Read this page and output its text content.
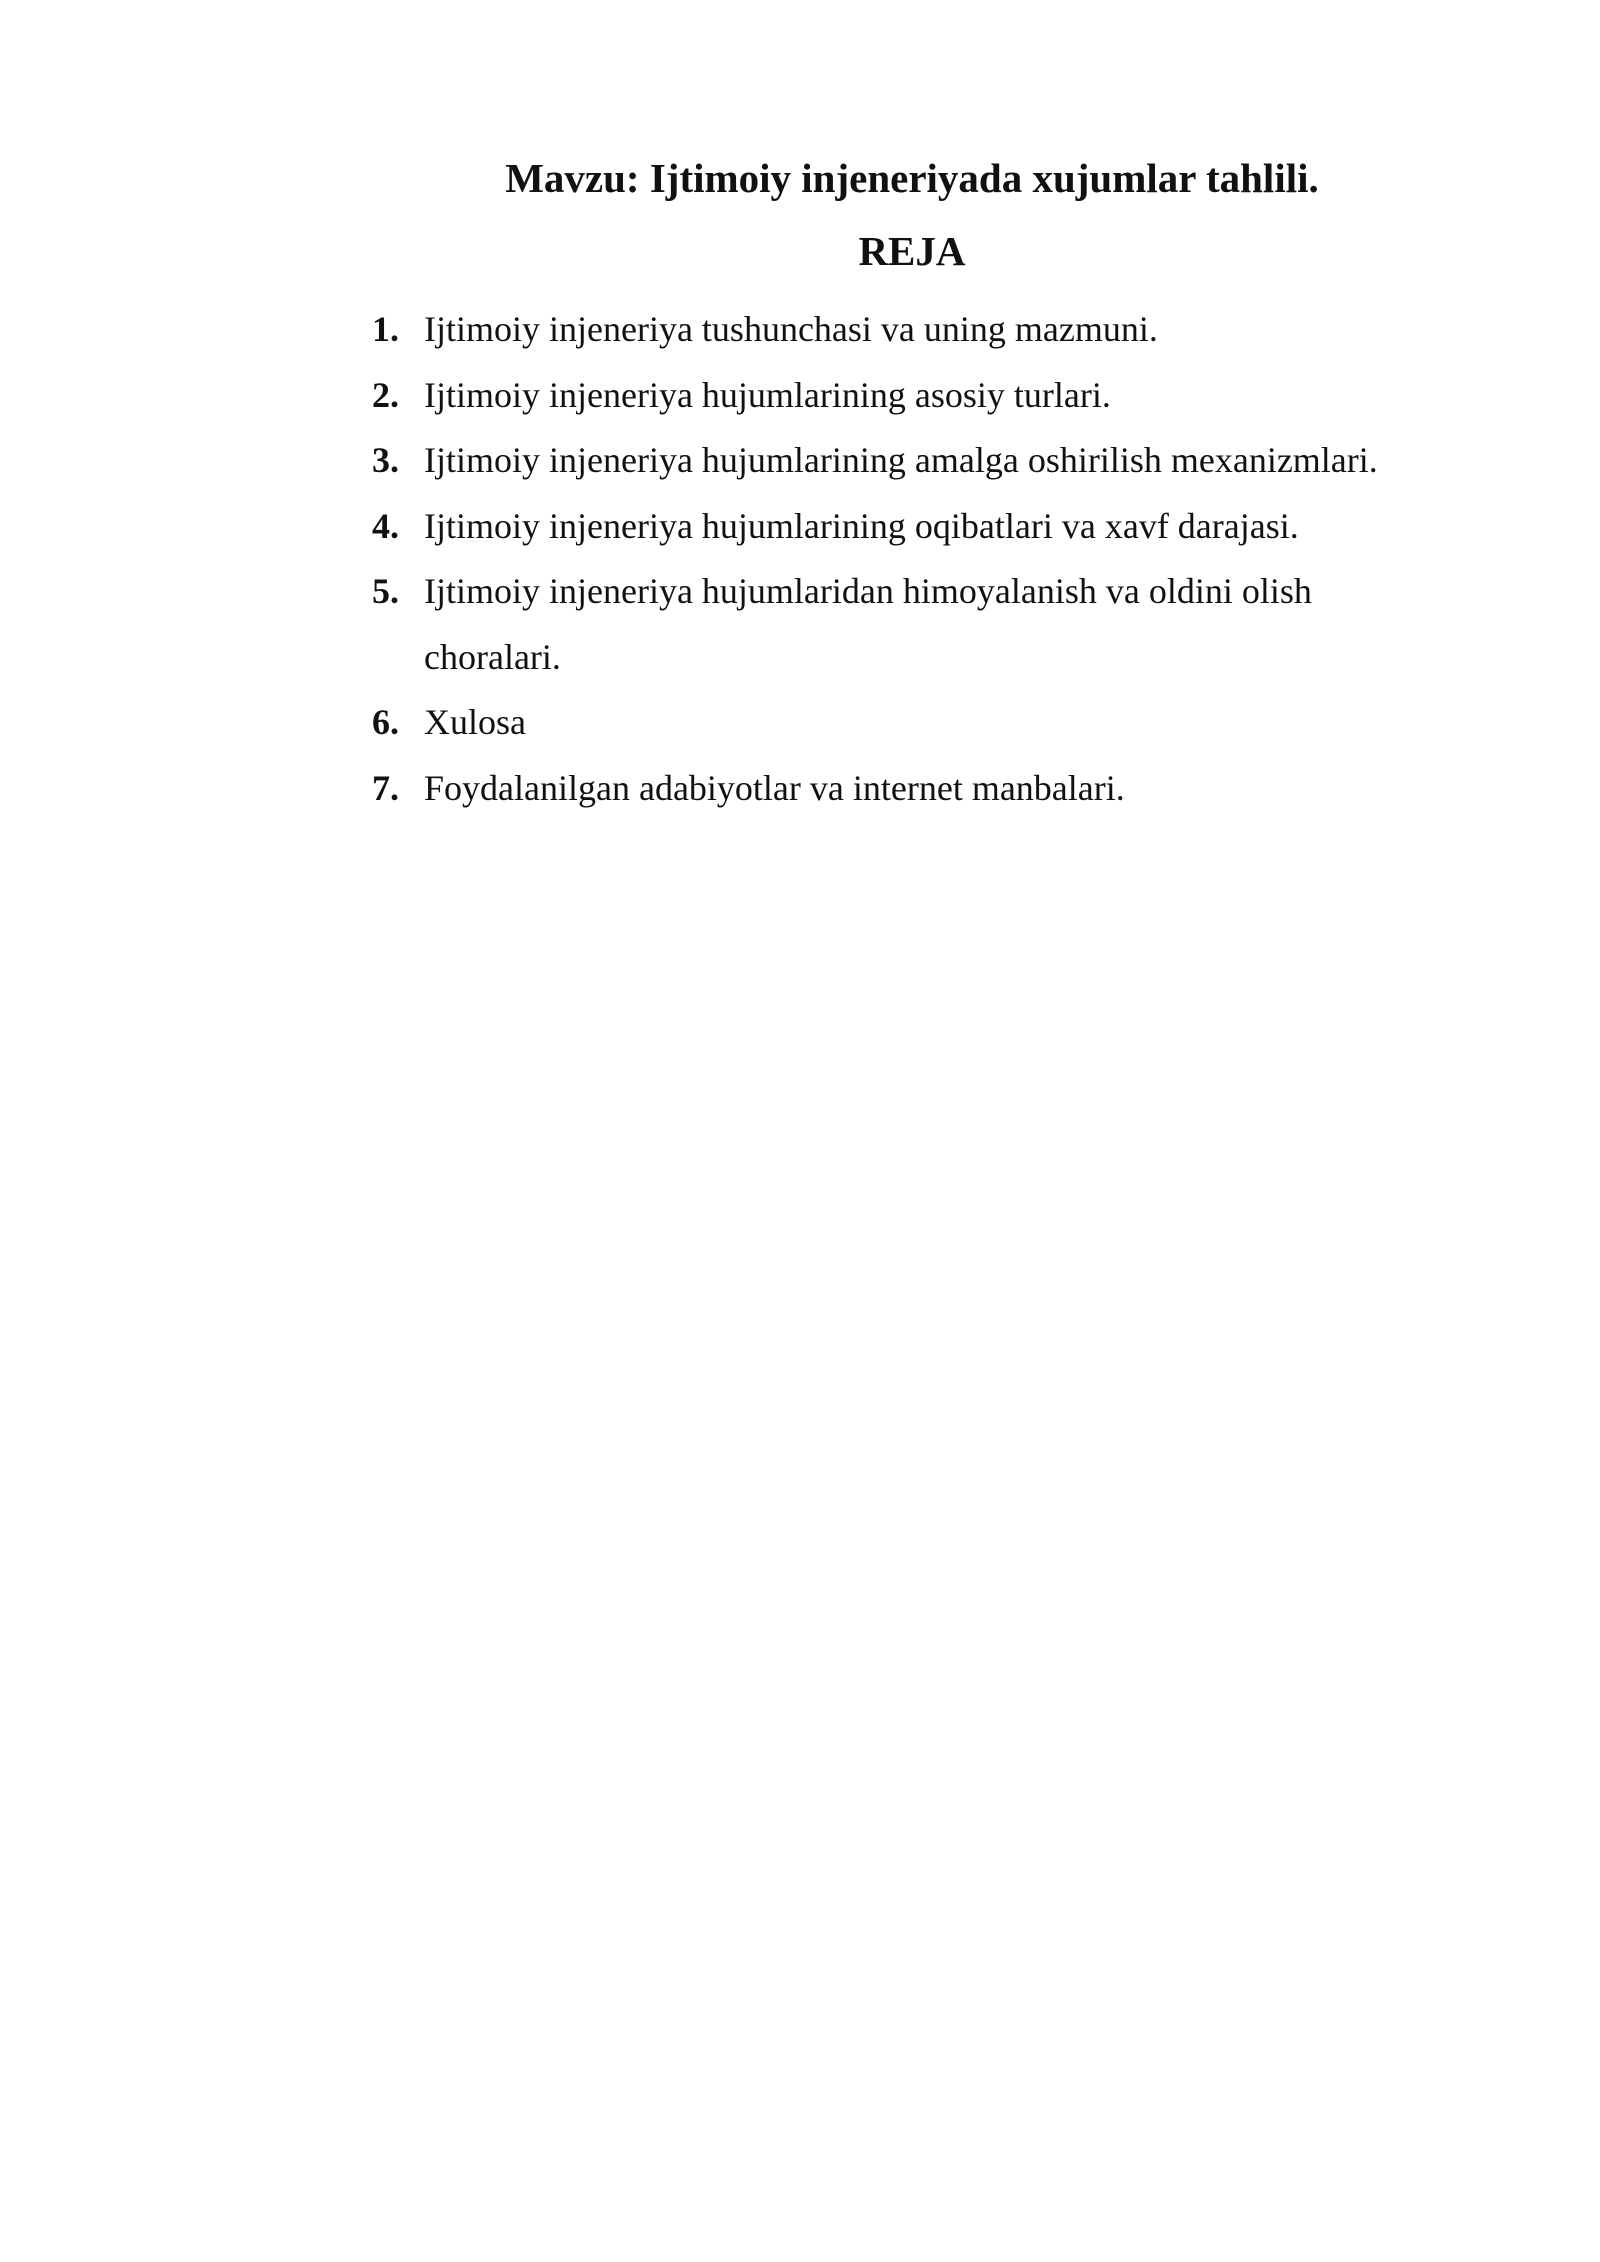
Mavzu: Ijtimoiy injeneriyada xujumlar tahlili.
REJA
1. Ijtimoiy injeneriya tushunchasi va uning mazmuni.
2. Ijtimoiy injeneriya hujumlarining asosiy turlari.
3. Ijtimoiy injeneriya hujumlarining amalga oshirilish mexanizmlari.
4. Ijtimoiy injeneriya hujumlarining oqibatlari va xavf darajasi.
5. Ijtimoiy injeneriya hujumlaridan himoyalanish va oldini olish choralari.
6. Xulosa
7. Foydalanilgan adabiyotlar va internet manbalari.
